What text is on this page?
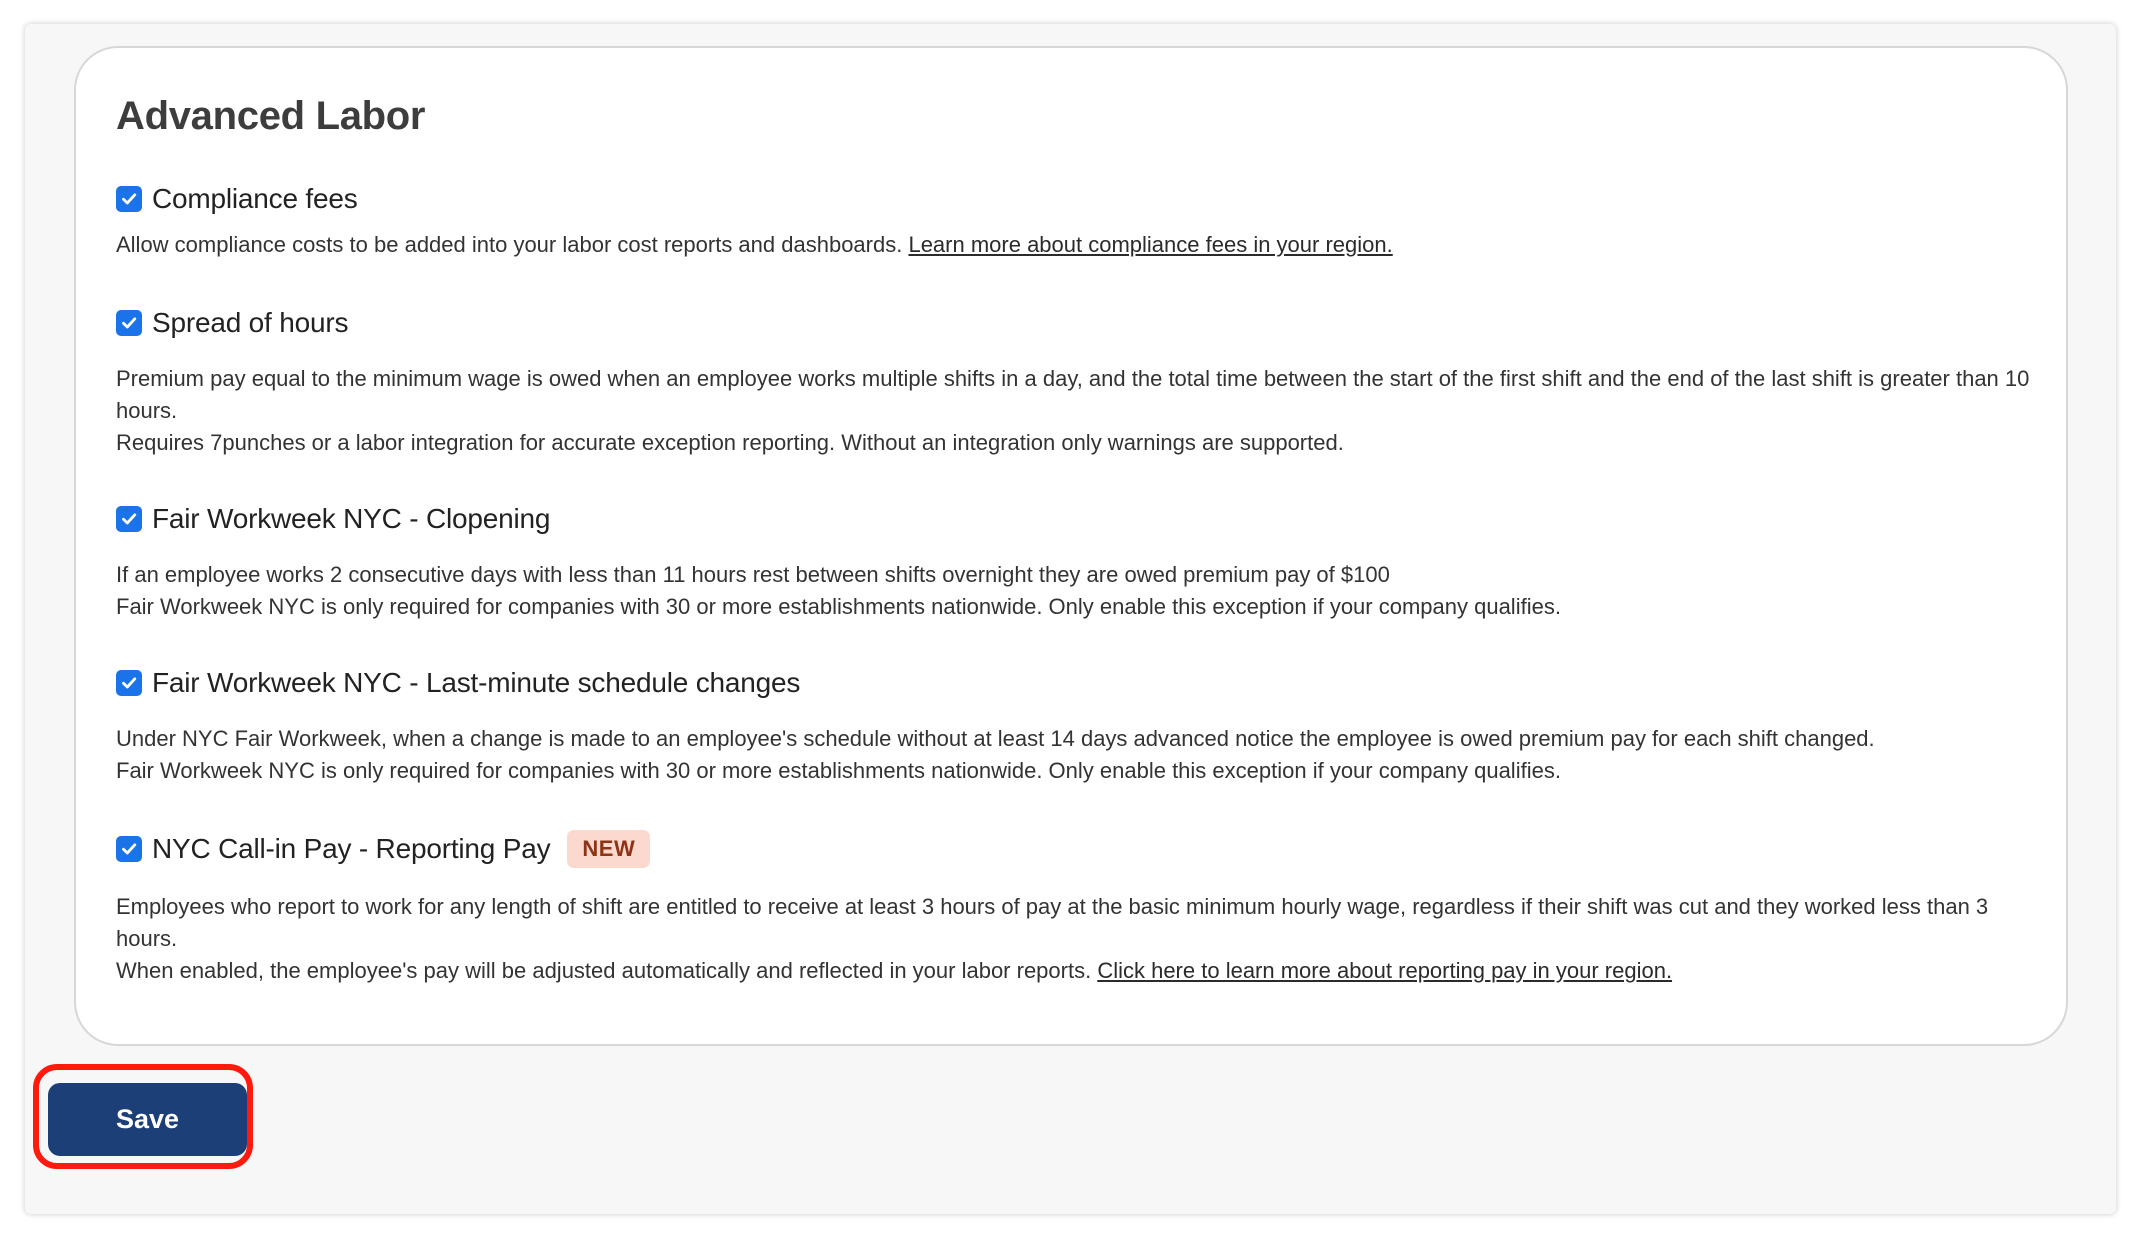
Advanced Labor
Compliance fees

Allow compliance costs to be added into your labor cost reports and dashboards. Learn more about compliance fees in your region.

Spread of hours

Premium pay equal to the minimum wage is owed when an employee works multiple shifts in a day, and the total time between the start of the first shift and the end of the last shift is greater than 10 hours.

Requires 7punches or a labor integration for accurate exception reporting. Without an integration only warnings are supported.

Fair Workweek NYC - Clopening

If an employee works 2 consecutive days with less than 11 hours rest between shifts overnight they are owed premium pay of $100

Fair Workweek NYC is only required for companies with 30 or more establishments nationwide. Only enable this exception if your company qualifies.

Fair Workweek NYC - Last-minute schedule changes

Under NYC Fair Workweek, when a change is made to an employee's schedule without at least 14 days advanced notice the employee is owed premium pay for each shift changed.

Fair Workweek NYC is only required for companies with 30 or more establishments nationwide. Only enable this exception if your company qualifies.

NYC Call-in Pay - Reporting Pay	NEW

Employees who report to work for any length of shift are entitled to receive at least 3 hours of pay at the basic minimum hourly wage, regardless if their shift was cut and they worked less than 3 hours.

When enabled, the employee's pay will be adjusted automatically and reflected in your labor reports. Click here to learn more about reporting pay in your region.

Save
